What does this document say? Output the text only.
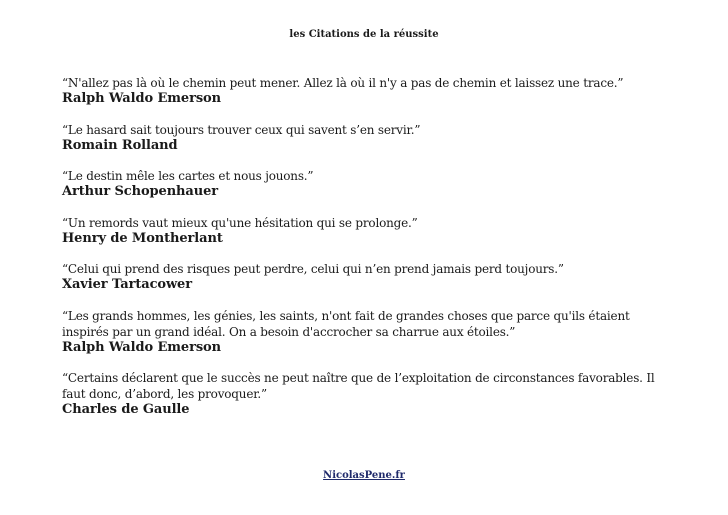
les Citations de la réussite
“N'allez pas là où le chemin peut mener. Allez là où il n'y a pas de chemin et laissez une trace.”
Ralph Waldo Emerson
“Le hasard sait toujours trouver ceux qui savent s’en servir.”
Romain Rolland
“Le destin mêle les cartes et nous jouons.”
Arthur Schopenhauer
“Un remords vaut mieux qu'une hésitation qui se prolonge.”
Henry de Montherlant
“Celui qui prend des risques peut perdre, celui qui n’en prend jamais perd toujours.”
Xavier Tartacower
“Les grands hommes, les génies, les saints, n'ont fait de grandes choses que parce qu'ils étaient inspirés par un grand idéal. On a besoin d'accrocher sa charrue aux étoiles.”
Ralph Waldo Emerson
“Certains déclarent que le succès ne peut naître que de l’exploitation de circonstances favorables. Il faut donc, d’abord, les provoquer.”
Charles de Gaulle
NicolasPene.fr
